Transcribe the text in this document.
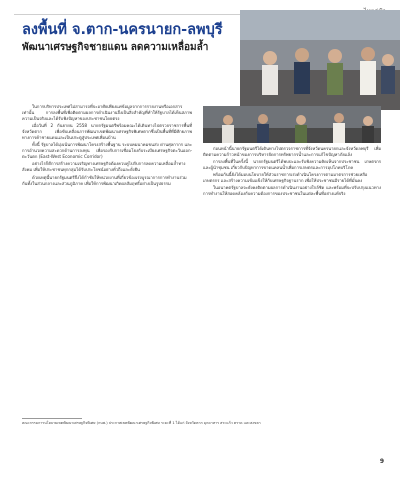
ลงพื้นที่ จ.ตาก-นครนายก-ลพบุรี
พัฒนาเศรษฐกิจชายแดน ลดความเหลื่อมล้ำ

ในการบริหารประเทศไม่สามารถที่จะอาศัยเพียงแค่ข้อมูลจากการรายงานหรือเอกสารเท่านั้น การลงพื้นที่เพื่อติดตามผลการดำเนินงานจึงเป็นสิ่งสำคัญที่ทำให้รัฐบาลได้เห็นสภาพความเป็นจริงและได้รับฟังปัญหาของประชาชนโดยตรง

เมื่อวันที่ 2 กันยายน 2558 นายกรัฐมนตรีพร้อมคณะได้เดินทางไปตรวจราชการพื้นที่จังหวัดตาก เพื่อขับเคลื่อนการพัฒนาเขตพัฒนาเศรษฐกิจพิเศษตากซึ่งเป็นพื้นที่ที่มีศักยภาพทางการค้าชายแดนและเป็นประตูสู่ประเทศเพื่อนบ้าน

ทั้งนี้ รัฐบาลได้มุ่งเน้นการพัฒนาโครงสร้างพื้นฐาน ระบบคมนาคมขนส่ง ด่านศุลกากร และการอำนวยความสะดวกด้านการลงทุน เพื่อรองรับการเชื่อมโยงกับระเบียงเศรษฐกิจตะวันออก-ตะวันตก (East-West Economic Corridor)

อย่างไรก็ดีการสร้างความเจริญทางเศรษฐกิจต้องควบคู่ไปกับการลดความเหลื่อมล้ำทางสังคม เพื่อให้ประชาชนทุกกลุ่มได้รับประโยชน์อย่างทั่วถึงและยั่งยืน

ด้วยเหตุนี้นายกรัฐมนตรีจึงได้กำชับให้หน่วยงานที่เกี่ยวข้องเร่งบูรณาการการทำงานร่วมกันทั้งในส่วนกลางและส่วนภูมิภาค เพื่อให้การพัฒนาเกิดผลสัมฤทธิ์อย่างเป็นรูปธรรม

ก่อนหน้านี้นายกรัฐมนตรีได้เดินทางไปตรวจราชการที่จังหวัดนครนายกและจังหวัดลพบุรี เพื่อติดตามความก้าวหน้าของการบริหารจัดการทรัพยากรน้ำและการแก้ไขปัญหาภัยแล้ง

การลงพื้นที่ในครั้งนี้ นายกรัฐมนตรีได้พบปะและรับฟังความคิดเห็นจากประชาชน เกษตรกร และผู้นำชุมชน เกี่ยวกับปัญหาการขาดแคลนน้ำเพื่อการเกษตรและการอุปโภคบริโภค

พร้อมกันนี้ยังได้มอบนโยบายให้ส่วนราชการเร่งดำเนินโครงการตามมาตรการช่วยเหลือเกษตรกร และสร้างความเข้มแข็งให้กับเศรษฐกิจฐานราก เพื่อให้ประชาชนมีรายได้ที่มั่นคง

ในอนาคตรัฐบาลจะยังคงติดตามผลการดำเนินงานอย่างใกล้ชิด และพร้อมที่จะปรับปรุงแนวทางการทำงานให้สอดคล้องกับความต้องการของประชาชนในแต่ละพื้นที่อย่างแท้จริง

คณะกรรมการนโยบายเขตพัฒนาเศรษฐกิจพิเศษ (กนพ.) ประกาศเขตพัฒนาเศรษฐกิจพิเศษ ระยะที่ 1 ได้แก่ จังหวัดตาก มุกดาหาร สระแก้ว ตราด และสงขลา
9
